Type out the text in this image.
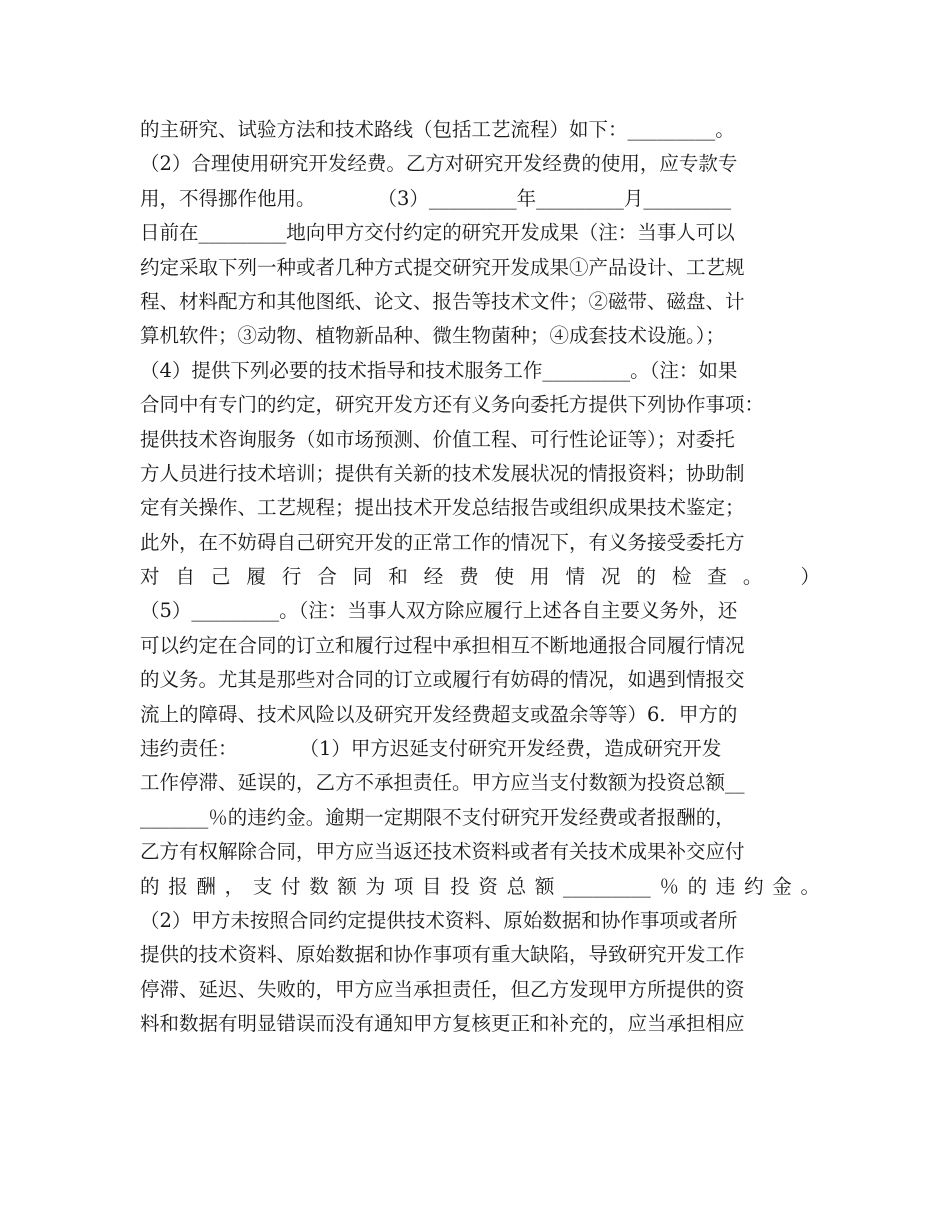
的主研究、试验方法和技术路线（包括工艺流程）如下：_________。
（2）合理使用研究开发经费。乙方对研究开发经费的使用，应专款专
用，不得挪作他用。          （3）_________年_________月_________
日前在_________地向甲方交付约定的研究开发成果（注：当事人可以
约定采取下列一种或者几种方式提交研究开发成果①产品设计、工艺规
程、材料配方和其他图纸、论文、报告等技术文件；②磁带、磁盘、计
算机软件；③动物、植物新品种、微生物菌种；④成套技术设施。）；
（4）提供下列必要的技术指导和技术服务工作_________。（注：如果
合同中有专门的约定，研究开发方还有义务向委托方提供下列协作事项：
提供技术咨询服务（如市场预测、价值工程、可行性论证等）；对委托
方人员进行技术培训；提供有关新的技术发展状况的情报资料；协助制
定有关操作、工艺规程；提出技术开发总结报告或组织成果技术鉴定；
此外，在不妨碍自己研究开发的正常工作的情况下，有义务接受委托方
对自己履行合同和经费使用情况的检查。 ）
（5）_________。（注：当事人双方除应履行上述各自主要义务外，还
可以约定在合同的订立和履行过程中承担相互不断地通报合同履行情况
的义务。尤其是那些对合同的订立或履行有妨碍的情况，如遇到情报交
流上的障碍、技术风险以及研究开发经费超支或盈余等等）6．甲方的
违约责任：          （1）甲方迟延支付研究开发经费，造成研究开发
工作停滞、延误的，乙方不承担责任。甲方应当支付数额为投资总额__
_______％的违约金。逾期一定期限不支付研究开发经费或者报酬的，
乙方有权解除合同，甲方应当返还技术资料或者有关技术成果补交应付
的报酬，支付数额为项目投资总额_________％的违约金。
（2）甲方未按照合同约定提供技术资料、原始数据和协作事项或者所
提供的技术资料、原始数据和协作事项有重大缺陷，导致研究开发工作
停滞、延迟、失败的，甲方应当承担责任，但乙方发现甲方所提供的资
料和数据有明显错误而没有通知甲方复核更正和补充的，应当承担相应
